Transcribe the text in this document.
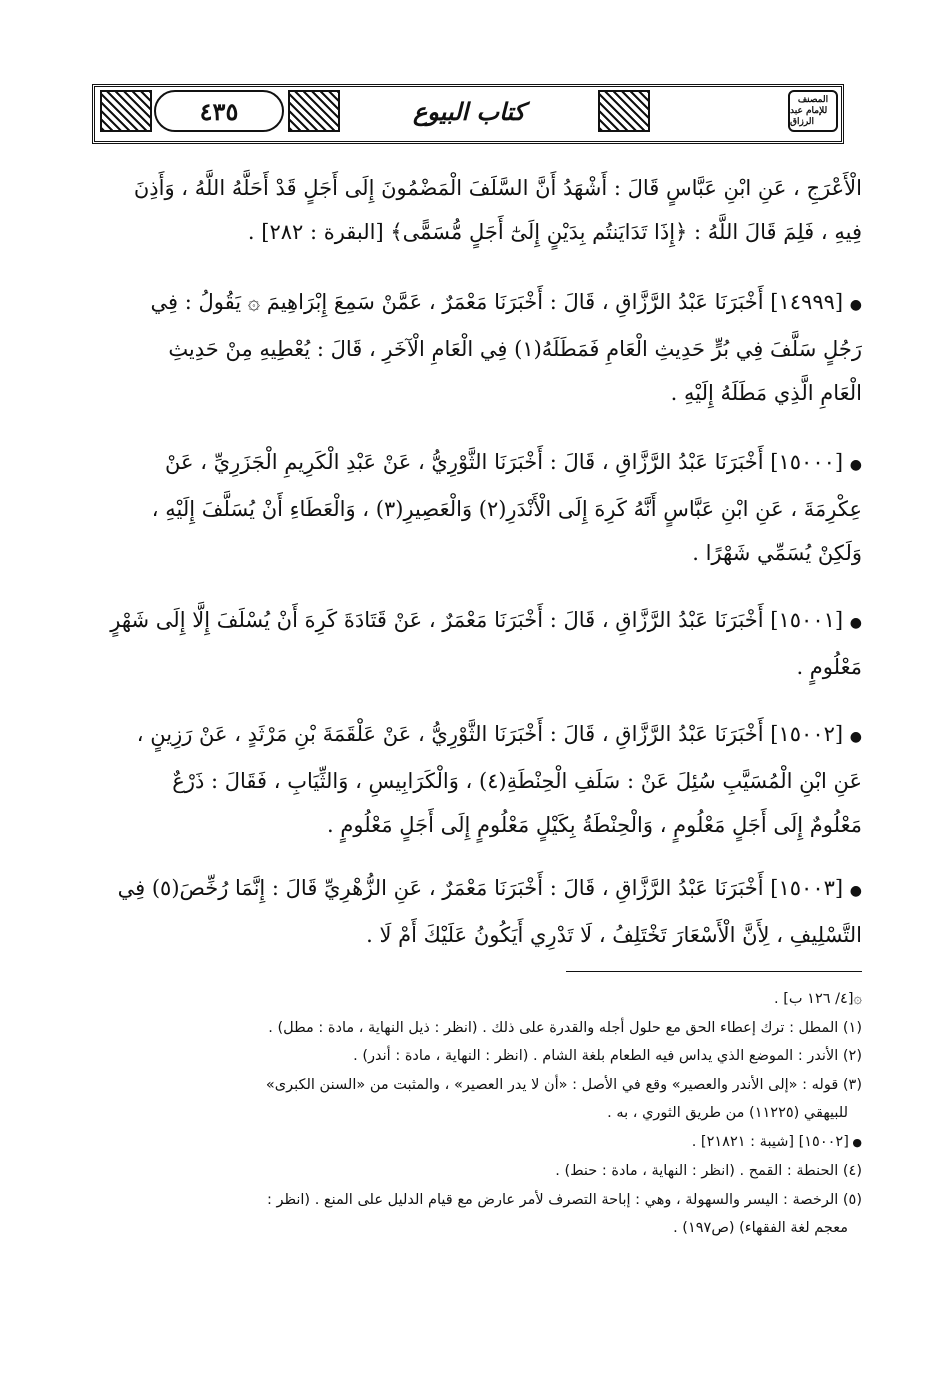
٤٣٥	كتاب البيوع	المصنف
للإمام عبد الرزاق

الْأَعْرَجِ ، عَنِ ابْنِ عَبَّاسٍ قَالَ : أَشْهَدُ أَنَّ السَّلَفَ الْمَضْمُونَ إِلَى أَجَلٍ قَدْ أَحَلَّهُ اللَّهُ ، وَأَذِنَ
فِيهِ ، فَلِمَ قَالَ اللَّهُ : ﴿إِذَا تَدَايَنتُم بِدَيْنٍ إِلَىٰٓ أَجَلٍ مُّسَمًّى﴾ [البقرة : ٢٨٢] .

● [١٤٩٩٩] أَخْبَرَنَا عَبْدُ الرَّزَّاقِ ، قَالَ : أَخْبَرَنَا مَعْمَرٌ ، عَمَّنْ سَمِعَ إِبْرَاهِيمَ ۞ يَقُولُ : فِي
رَجُلٍ سَلَّفَ فِي بُرٍّ حَدِيثِ الْعَامِ فَمَطَلَهُ(١) فِي الْعَامِ الْآخَرِ ، قَالَ : يُعْطِيهِ مِنْ حَدِيثِ
الْعَامِ الَّذِي مَطَلَهُ إِلَيْهِ .

● [١٥٠٠٠] أَخْبَرَنَا عَبْدُ الرَّزَّاقِ ، قَالَ : أَخْبَرَنَا الثَّوْرِيُّ ، عَنْ عَبْدِ الْكَرِيمِ الْجَزَرِيِّ ، عَنْ
عِكْرِمَةَ ، عَنِ ابْنِ عَبَّاسٍ أَنَّهُ كَرِهَ إِلَى الْأَنْدَرِ(٢) وَالْعَصِيرِ(٣) ، وَالْعَطَاءِ أَنْ يُسَلَّفَ إِلَيْهِ ،
وَلَكِنْ يُسَمِّي شَهْرًا .

● [١٥٠٠١] أَخْبَرَنَا عَبْدُ الرَّزَّاقِ ، قَالَ : أَخْبَرَنَا مَعْمَرٌ ، عَنْ قَتَادَةَ كَرِهَ أَنْ يُسْلَفَ إِلَّا إِلَى شَهْرٍ
مَعْلُومٍ .

● [١٥٠٠٢] أَخْبَرَنَا عَبْدُ الرَّزَّاقِ ، قَالَ : أَخْبَرَنَا الثَّوْرِيُّ ، عَنْ عَلْقَمَةَ بْنِ مَرْثَدٍ ، عَنْ رَزِينٍ ،
عَنِ ابْنِ الْمُسَيَّبِ سُئِلَ عَنْ : سَلَفِ الْحِنْطَةِ(٤) ، وَالْكَرَابِيسِ ، وَالثِّيَابِ ، فَقَالَ : ذَرْعٌ
مَعْلُومٌ إِلَى أَجَلٍ مَعْلُومٍ ، وَالْحِنْطَةُ بِكَيْلٍ مَعْلُومٍ إِلَى أَجَلٍ مَعْلُومٍ .

● [١٥٠٠٣] أَخْبَرَنَا عَبْدُ الرَّزَّاقِ ، قَالَ : أَخْبَرَنَا مَعْمَرٌ ، عَنِ الزُّهْرِيِّ قَالَ : إِنَّمَا رُخِّصَ(٥) فِي
التَّسْلِيفِ ، لِأَنَّ الْأَسْعَارَ تَخْتَلِفُ ، لَا تَدْرِي أَيَكُونُ عَلَيْكَ أَمْ لَا .

۞[٤/ ١٢٦ ب] .

(١) المطل : ترك إعطاء الحق مع حلول أجله والقدرة على ذلك . (انظر : ذيل النهاية ، مادة : مطل) .

(٢) الأندر : الموضع الذي يداس فيه الطعام بلغة الشام . (انظر : النهاية ، مادة : أندر) .

(٣) قوله : «إلى الأندر والعصير» وقع في الأصل : «أن لا يدر العصير» ، والمثبت من «السنن الكبرى»

للبيهقي (١١٢٢٥) من طريق الثوري ، به .

● [١٥٠٠٢] [شيبة : ٢١٨٢١] .

(٤) الحنطة : القمح . (انظر : النهاية ، مادة : حنط) .

(٥) الرخصة : اليسر والسهولة ، وهي : إباحة التصرف لأمر عارض مع قيام الدليل على المنع . (انظر :

معجم لغة الفقهاء) (ص١٩٧) .
